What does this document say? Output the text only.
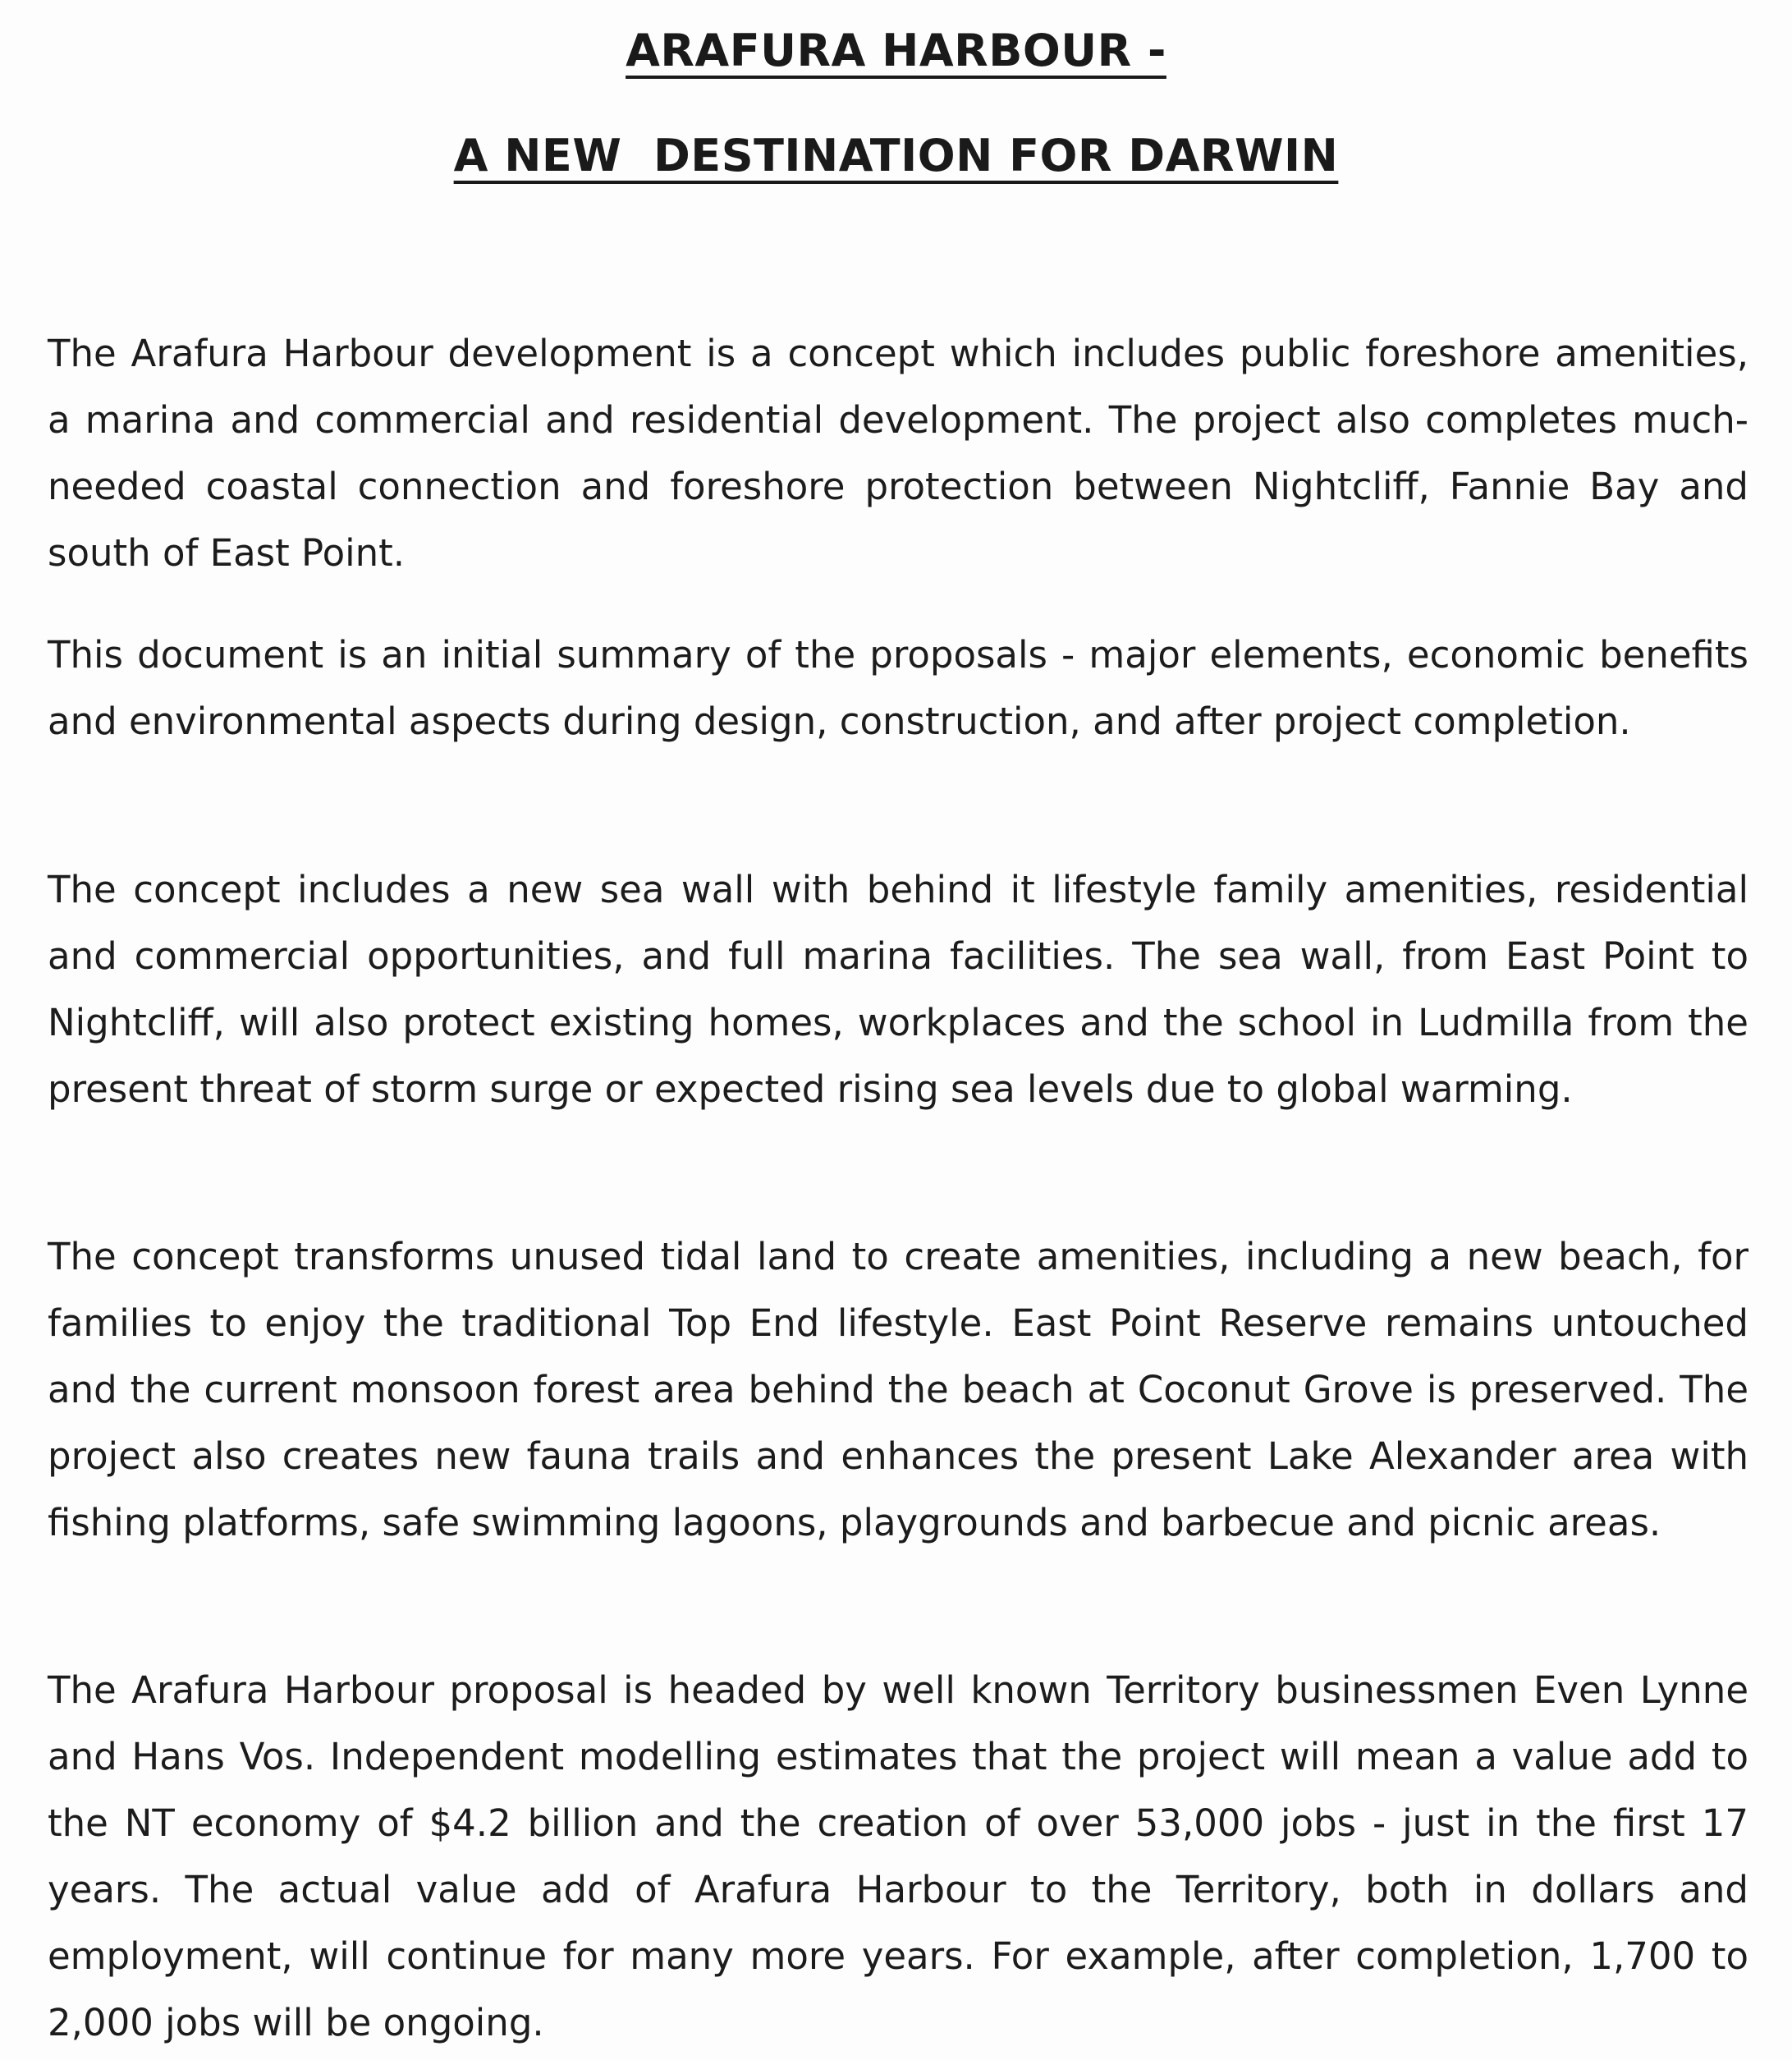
ARAFURA HARBOUR -
A NEW  DESTINATION FOR DARWIN

The Arafura Harbour development is a concept which includes public foreshore amenities, a marina and commercial and residential development. The project also completes much-needed coastal connection and foreshore protection between Nightcliff, Fannie Bay and south of East Point.

This document is an initial summary of the proposals - major elements, economic benefits and environmental aspects during design, construction, and after project completion.

The concept includes a new sea wall with behind it lifestyle family amenities, residential and commercial opportunities, and full marina facilities. The sea wall, from East Point to Nightcliff, will also protect existing homes, workplaces and the school in Ludmilla from the present threat of storm surge or expected rising sea levels due to global warming.

The concept transforms unused tidal land to create amenities, including a new beach, for families to enjoy the traditional Top End lifestyle. East Point Reserve remains untouched and the current monsoon forest area behind the beach at Coconut Grove is preserved. The project also creates new fauna trails and enhances the present Lake Alexander area with fishing platforms, safe swimming lagoons, playgrounds and barbecue and picnic areas.

The Arafura Harbour proposal is headed by well known Territory businessmen Even Lynne and Hans Vos. Independent modelling estimates that the project will mean a value add to the NT economy of $4.2 billion and the creation of over 53,000 jobs - just in the first 17 years. The actual value add of Arafura Harbour to the Territory, both in dollars and employment, will continue for many more years. For example, after completion, 1,700 to 2,000 jobs will be ongoing.
